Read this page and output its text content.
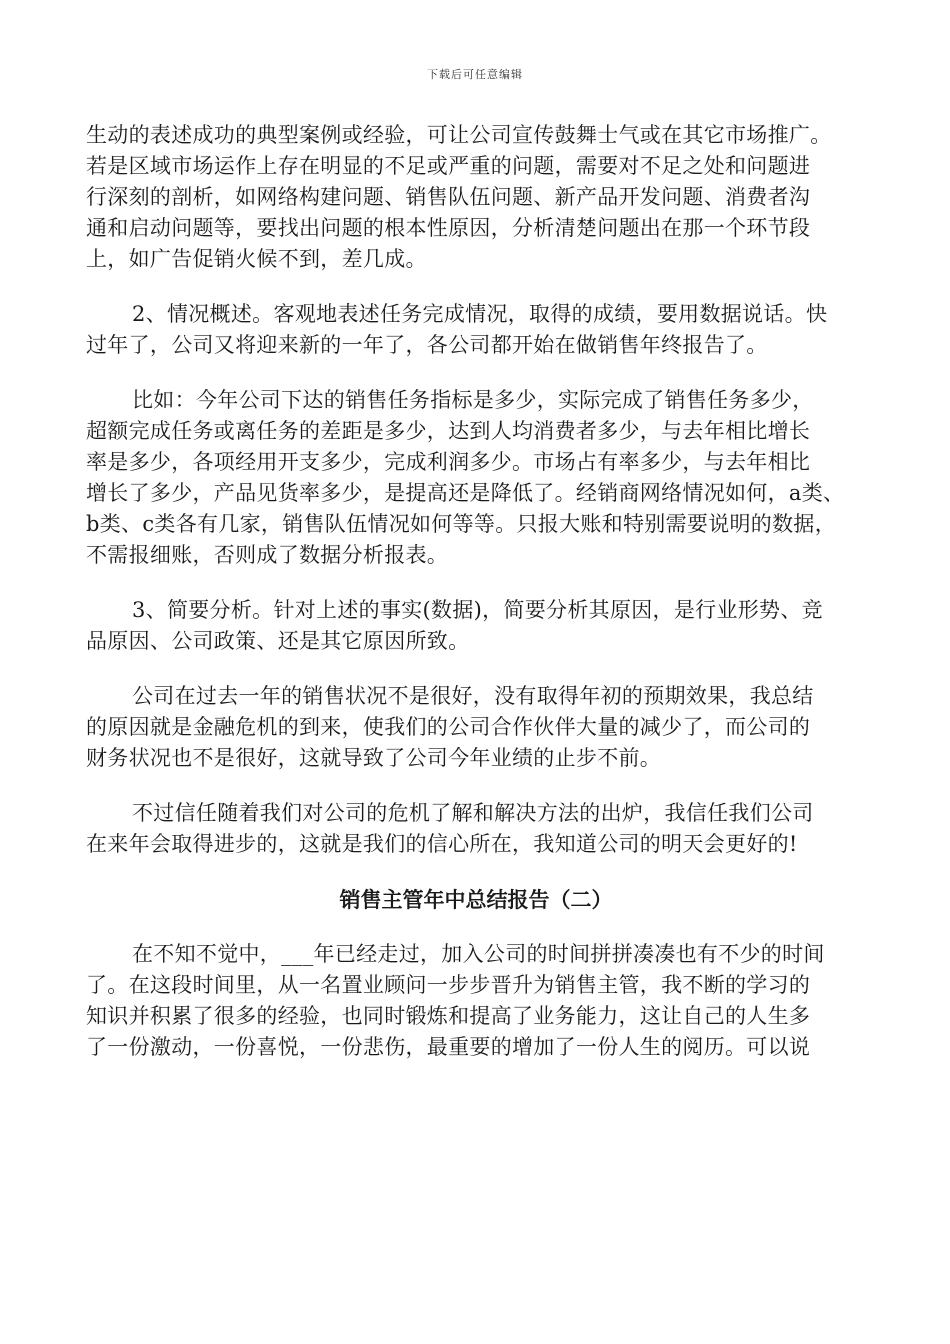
下载后可任意编辑
生动的表述成功的典型案例或经验，可让公司宣传鼓舞士气或在其它市场推广。
若是区域市场运作上存在明显的不足或严重的问题，需要对不足之处和问题进
行深刻的剖析，如网络构建问题、销售队伍问题、新产品开发问题、消费者沟
通和启动问题等，要找出问题的根本性原因，分析清楚问题出在那一个环节段
上，如广告促销火候不到，差几成。
2、情况概述。客观地表述任务完成情况，取得的成绩，要用数据说话。快
过年了，公司又将迎来新的一年了，各公司都开始在做销售年终报告了。
比如：今年公司下达的销售任务指标是多少，实际完成了销售任务多少，
超额完成任务或离任务的差距是多少，达到人均消费者多少，与去年相比增长
率是多少，各项经用开支多少，完成利润多少。市场占有率多少，与去年相比
增长了多少，产品见货率多少，是提高还是降低了。经销商网络情况如何，a类、
b类、c类各有几家，销售队伍情况如何等等。只报大账和特别需要说明的数据，
不需报细账，否则成了数据分析报表。
3、简要分析。针对上述的事实(数据)，简要分析其原因，是行业形势、竞
品原因、公司政策、还是其它原因所致。
公司在过去一年的销售状况不是很好，没有取得年初的预期效果，我总结
的原因就是金融危机的到来，使我们的公司合作伙伴大量的减少了，而公司的
财务状况也不是很好，这就导致了公司今年业绩的止步不前。
不过信任随着我们对公司的危机了解和解决方法的出炉，我信任我们公司
在来年会取得进步的，这就是我们的信心所在，我知道公司的明天会更好的!
销售主管年中总结报告（二）
在不知不觉中，___年已经走过，加入公司的时间拼拼凑凑也有不少的时间
了。在这段时间里，从一名置业顾问一步步晋升为销售主管，我不断的学习的
知识并积累了很多的经验，也同时锻炼和提高了业务能力，这让自己的人生多
了一份激动，一份喜悦，一份悲伤，最重要的增加了一份人生的阅历。可以说
